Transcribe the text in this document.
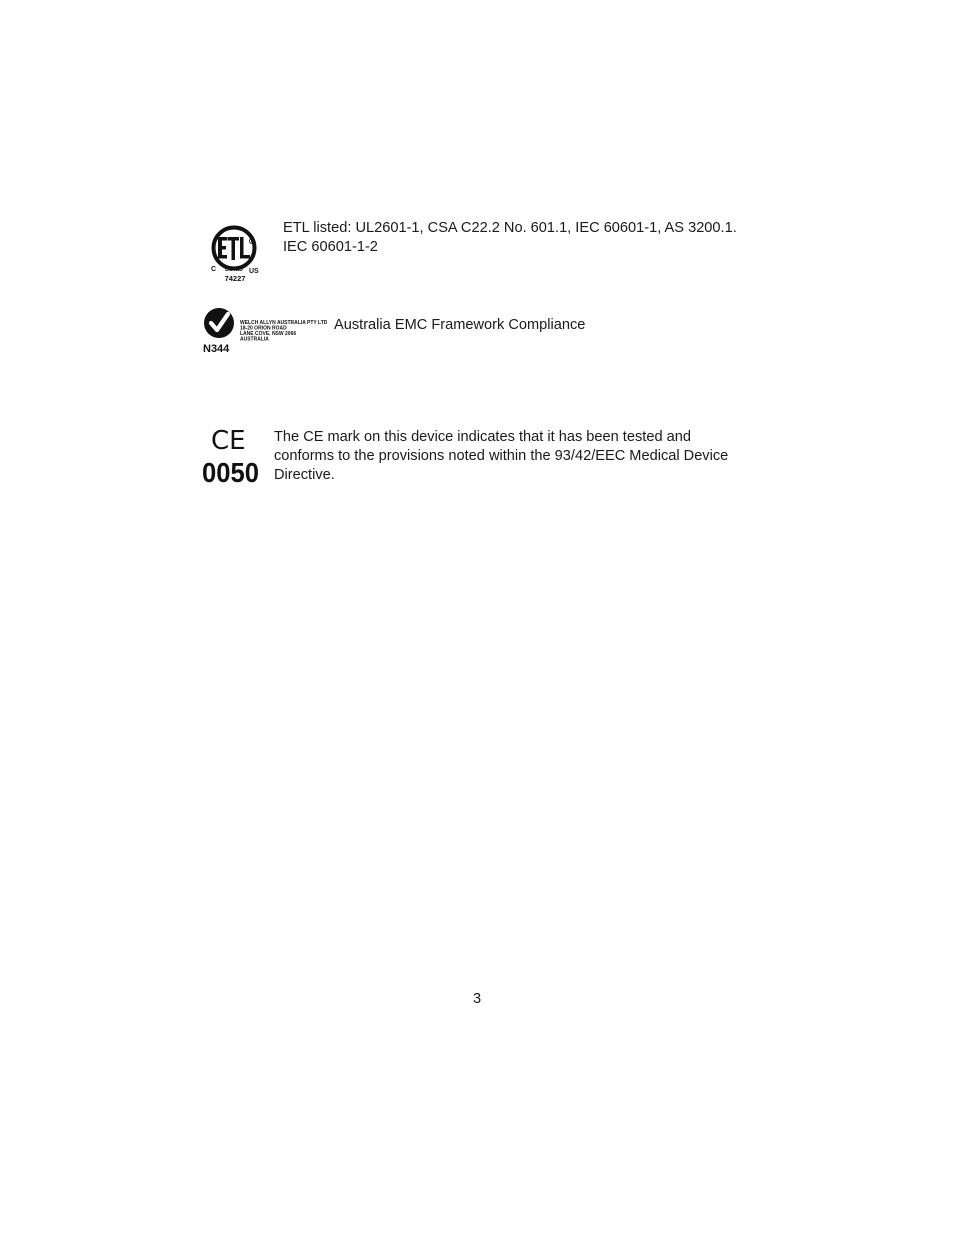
R
C LISTED US
74227
ETL listed: UL2601-1, CSA C22.2 No. 601.1, IEC 60601-1, AS 3200.1.
IEC 60601-1-2
WELCH ALLYN AUSTRALIA PTY LTD
18-20 ORION ROAD
LANE COVE, NSW 2066
AUSTRALIA
N344
Australia EMC Framework Compliance
CE
0050
The CE mark on this device indicates that it has been tested and conforms to the provisions noted within the 93/42/EEC Medical Device Directive.
3
